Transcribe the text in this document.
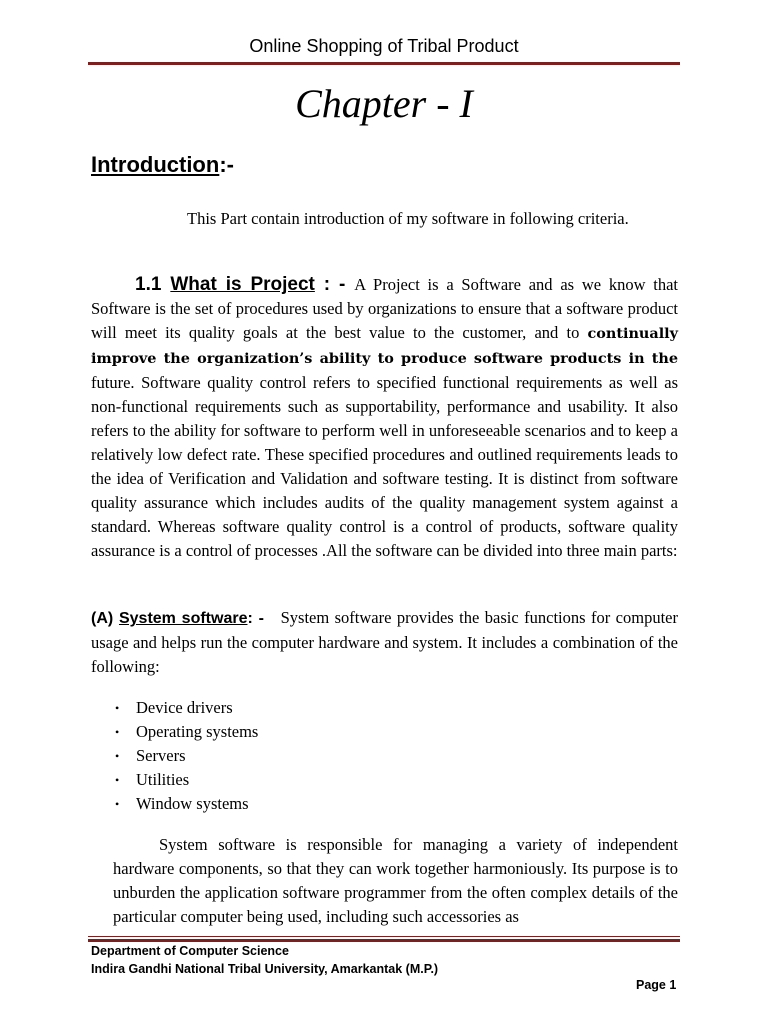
Online Shopping of Tribal Product
Chapter - I
Introduction:-
This Part contain introduction of my software in following criteria.
1.1 What is Project : - A Project is a Software and as we know that Software is the set of procedures used by organizations to ensure that a software product will meet its quality goals at the best value to the customer, and to continually improve the organization’s ability to produce software products in the future. Software quality control refers to specified functional requirements as well as non-functional requirements such as supportability, performance and usability. It also refers to the ability for software to perform well in unforeseeable scenarios and to keep a relatively low defect rate. These specified procedures and outlined requirements leads to the idea of Verification and Validation and software testing. It is distinct from software quality assurance which includes audits of the quality management system against a standard. Whereas software quality control is a control of products, software quality assurance is a control of processes .All the software can be divided into three main parts:
(A) System software: -   System software provides the basic functions for computer usage and helps run the computer hardware and system. It includes a combination of the following:
• Device drivers
• Operating systems
• Servers
• Utilities
• Window systems
System software is responsible for managing a variety of independent hardware components, so that they can work together harmoniously. Its purpose is to unburden the application software programmer from the often complex details of the particular computer being used, including such accessories as
Department of Computer Science
Indira Gandhi National Tribal University, Amarkantak (M.P.)
Page 1
